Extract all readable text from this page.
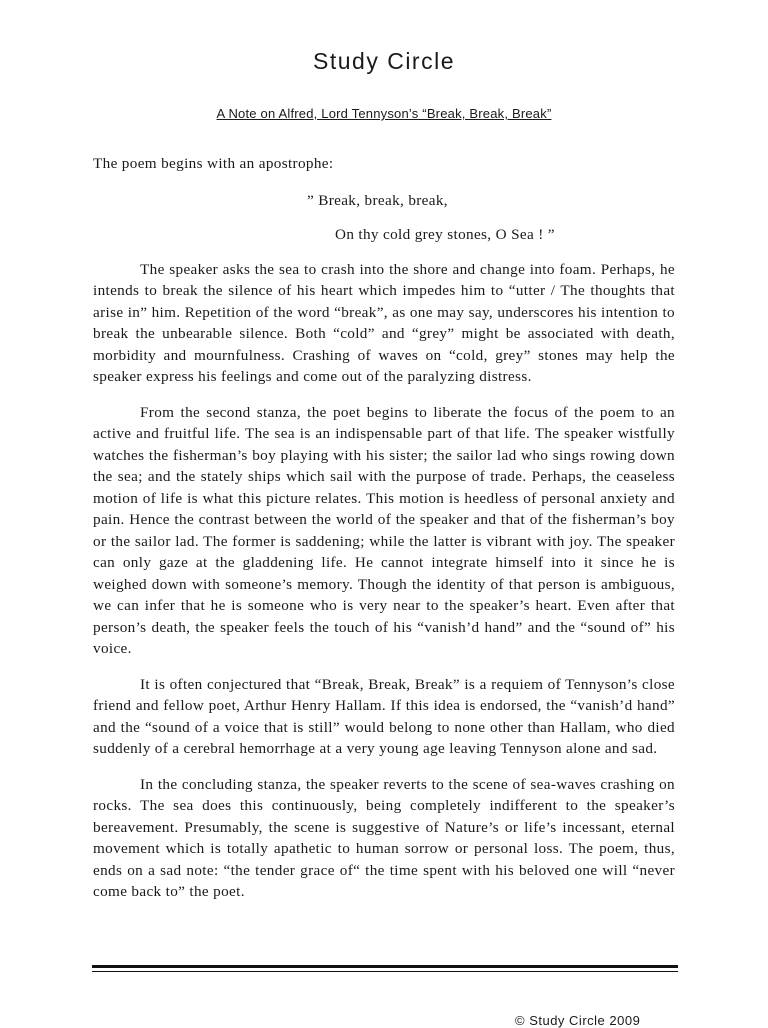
Study Circle

A Note on Alfred, Lord Tennyson’s “Break, Break, Break”

The poem begins with an apostrophe:

” Break, break, break,

On thy cold grey stones, O Sea ! ”

The speaker asks the sea to crash into the shore and change into foam. Perhaps, he intends to break the silence of his heart which impedes him to “utter / The thoughts that arise in” him. Repetition of the word “break”, as one may say, underscores his intention to break the unbearable silence. Both “cold” and “grey” might be associated with death, morbidity and mournfulness. Crashing of waves on “cold, grey” stones may help the speaker express his feelings and come out of the paralyzing distress.

From the second stanza, the poet begins to liberate the focus of the poem to an active and fruitful life. The sea is an indispensable part of that life. The speaker wistfully watches the fisherman’s boy playing with his sister; the sailor lad who sings rowing down the sea; and the stately ships which sail with the purpose of trade. Perhaps, the ceaseless motion of life is what this picture relates. This motion is heedless of personal anxiety and pain. Hence the contrast between the world of the speaker and that of the fisherman’s boy or the sailor lad. The former is saddening; while the latter is vibrant with joy. The speaker can only gaze at the gladdening life. He cannot integrate himself into it since he is weighed down with someone’s memory. Though the identity of that person is ambiguous, we can infer that he is someone who is very near to the speaker’s heart. Even after that person’s death, the speaker feels the touch of his “vanish’d hand” and the “sound of” his voice.

It is often conjectured that “Break, Break, Break” is a requiem of Tennyson’s close friend and fellow poet, Arthur Henry Hallam. If this idea is endorsed, the “vanish’d hand” and the “sound of a voice that is still” would belong to none other than Hallam, who died suddenly of a cerebral hemorrhage at a very young age leaving Tennyson alone and sad.

In the concluding stanza, the speaker reverts to the scene of sea-waves crashing on rocks. The sea does this continuously, being completely indifferent to the speaker’s bereavement. Presumably, the scene is suggestive of Nature’s or life’s incessant, eternal movement which is totally apathetic to human sorrow or personal loss. The poem, thus, ends on a sad note: “the tender grace of“ the time spent with his beloved one will “never come back to” the poet.

© Study Circle 2009
